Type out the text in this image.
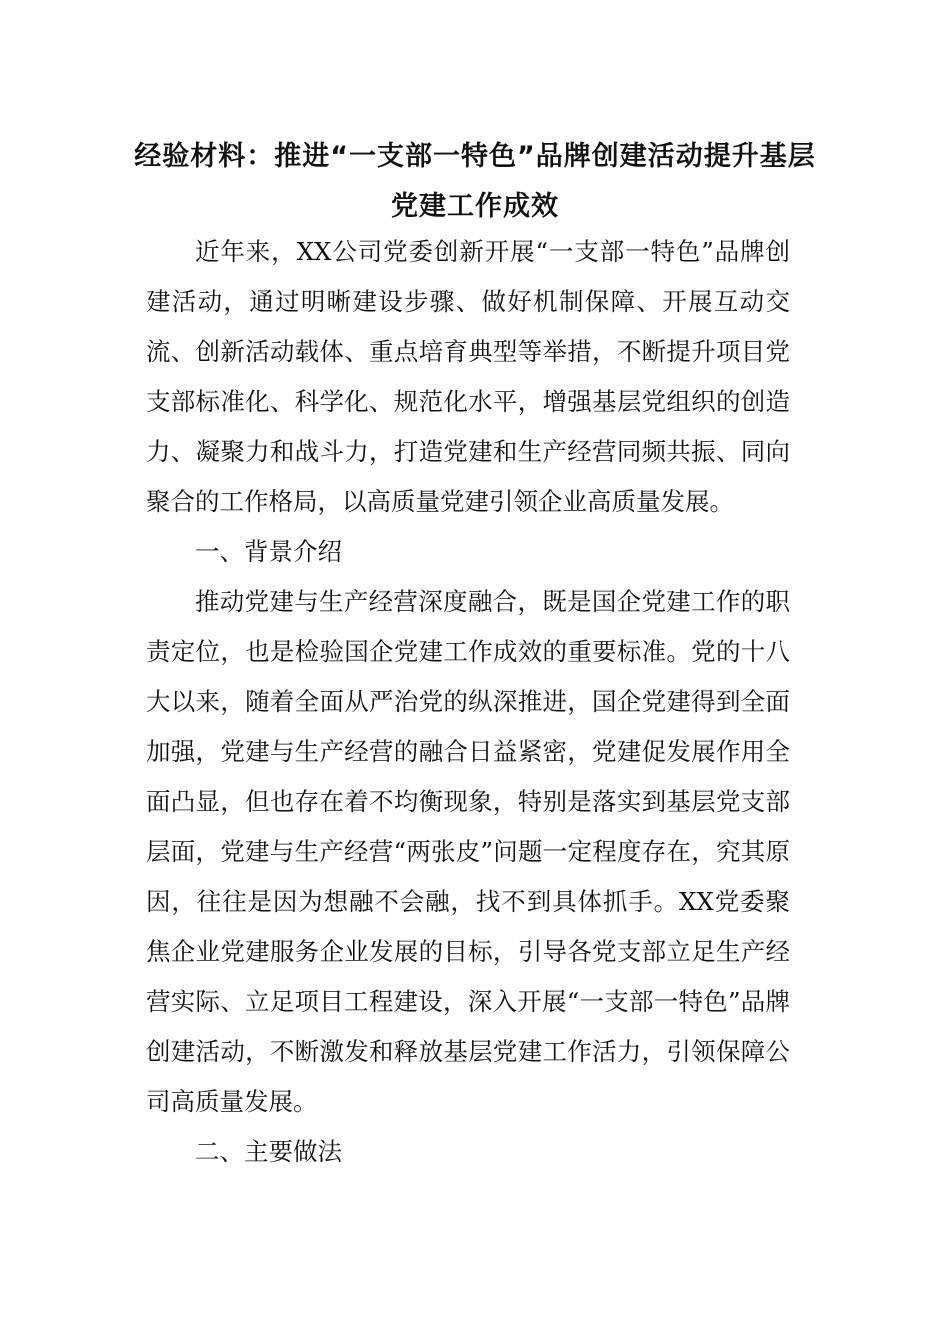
经验材料：推进“一支部一特色”品牌创建活动提升基层
党建工作成效

近年来，XX公司党委创新开展“一支部一特色”品牌创建活动，通过明晰建设步骤、做好机制保障、开展互动交流、创新活动载体、重点培育典型等举措，不断提升项目党支部标准化、科学化、规范化水平，增强基层党组织的创造力、凝聚力和战斗力，打造党建和生产经营同频共振、同向聚合的工作格局，以高质量党建引领企业高质量发展。

一、背景介绍

推动党建与生产经营深度融合，既是国企党建工作的职责定位，也是检验国企党建工作成效的重要标准。党的十八大以来，随着全面从严治党的纵深推进，国企党建得到全面加强，党建与生产经营的融合日益紧密，党建促发展作用全面凸显，但也存在着不均衡现象，特别是落实到基层党支部层面，党建与生产经营“两张皮”问题一定程度存在，究其原因，往往是因为想融不会融，找不到具体抓手。XX党委聚焦企业党建服务企业发展的目标，引导各党支部立足生产经营实际、立足项目工程建设，深入开展“一支部一特色”品牌创建活动，不断激发和释放基层党建工作活力，引领保障公司高质量发展。

二、主要做法
